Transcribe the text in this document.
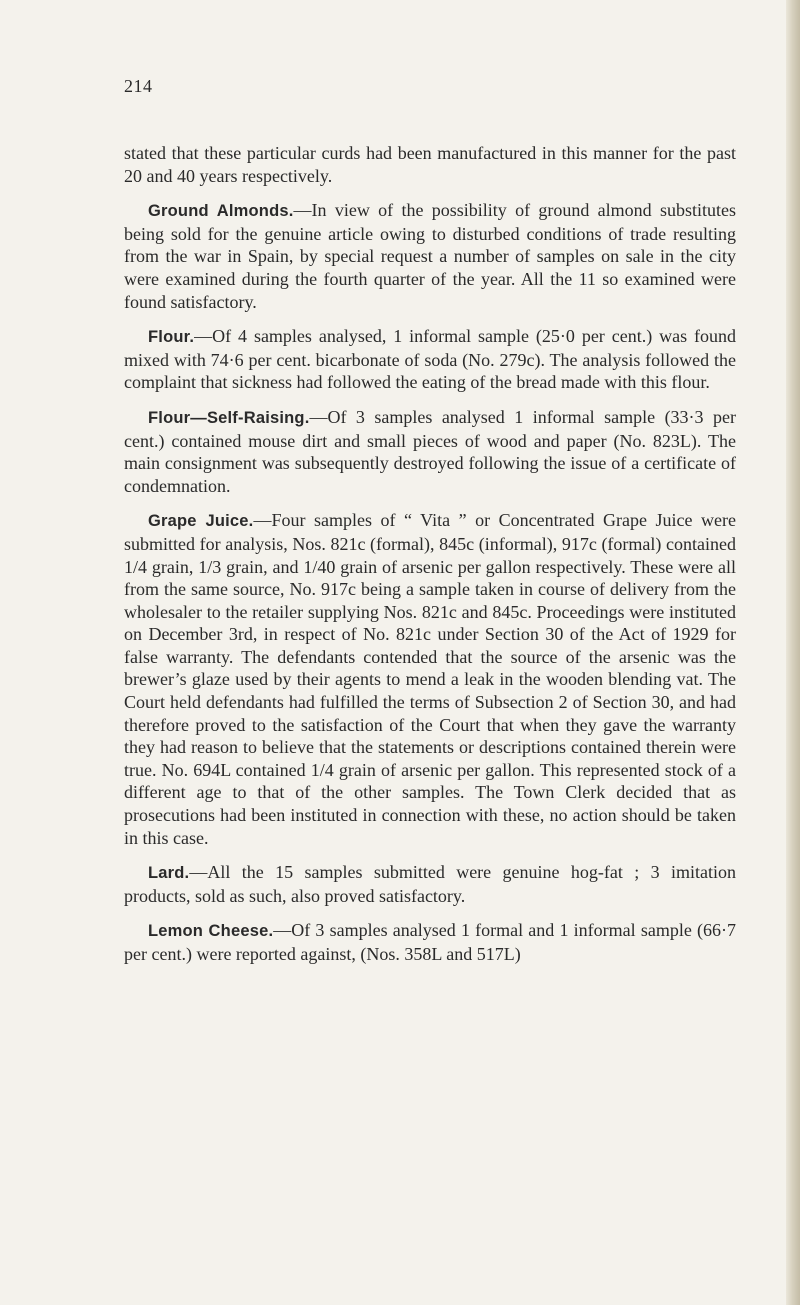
214

stated that these particular curds had been manufactured in this manner for the past 20 and 40 years respectively.

Ground Almonds.—In view of the possibility of ground almond substitutes being sold for the genuine article owing to disturbed conditions of trade resulting from the war in Spain, by special request a number of samples on sale in the city were examined during the fourth quarter of the year. All the 11 so examined were found satisfactory.

Flour.—Of 4 samples analysed, 1 informal sample (25·0 per cent.) was found mixed with 74·6 per cent. bicarbonate of soda (No. 279c). The analysis followed the complaint that sickness had followed the eating of the bread made with this flour.

Flour—Self-Raising.—Of 3 samples analysed 1 informal sample (33·3 per cent.) contained mouse dirt and small pieces of wood and paper (No. 823L). The main consignment was subsequently destroyed following the issue of a certificate of condemnation.

Grape Juice.—Four samples of “ Vita ” or Concentrated Grape Juice were submitted for analysis, Nos. 821c (formal), 845c (informal), 917c (formal) contained 1/4 grain, 1/3 grain, and 1/40 grain of arsenic per gallon respectively. These were all from the same source, No. 917c being a sample taken in course of delivery from the wholesaler to the retailer supplying Nos. 821c and 845c. Proceedings were instituted on December 3rd, in respect of No. 821c under Section 30 of the Act of 1929 for false warranty. The defendants contended that the source of the arsenic was the brewer’s glaze used by their agents to mend a leak in the wooden blending vat. The Court held defendants had fulfilled the terms of Subsection 2 of Section 30, and had therefore proved to the satisfaction of the Court that when they gave the warranty they had reason to believe that the statements or descriptions contained therein were true. No. 694L contained 1/4 grain of arsenic per gallon. This represented stock of a different age to that of the other samples. The Town Clerk decided that as prosecutions had been instituted in connection with these, no action should be taken in this case.

Lard.—All the 15 samples submitted were genuine hog-fat ; 3 imitation products, sold as such, also proved satisfactory.

Lemon Cheese.—Of 3 samples analysed 1 formal and 1 informal sample (66·7 per cent.) were reported against, (Nos. 358L and 517L)
